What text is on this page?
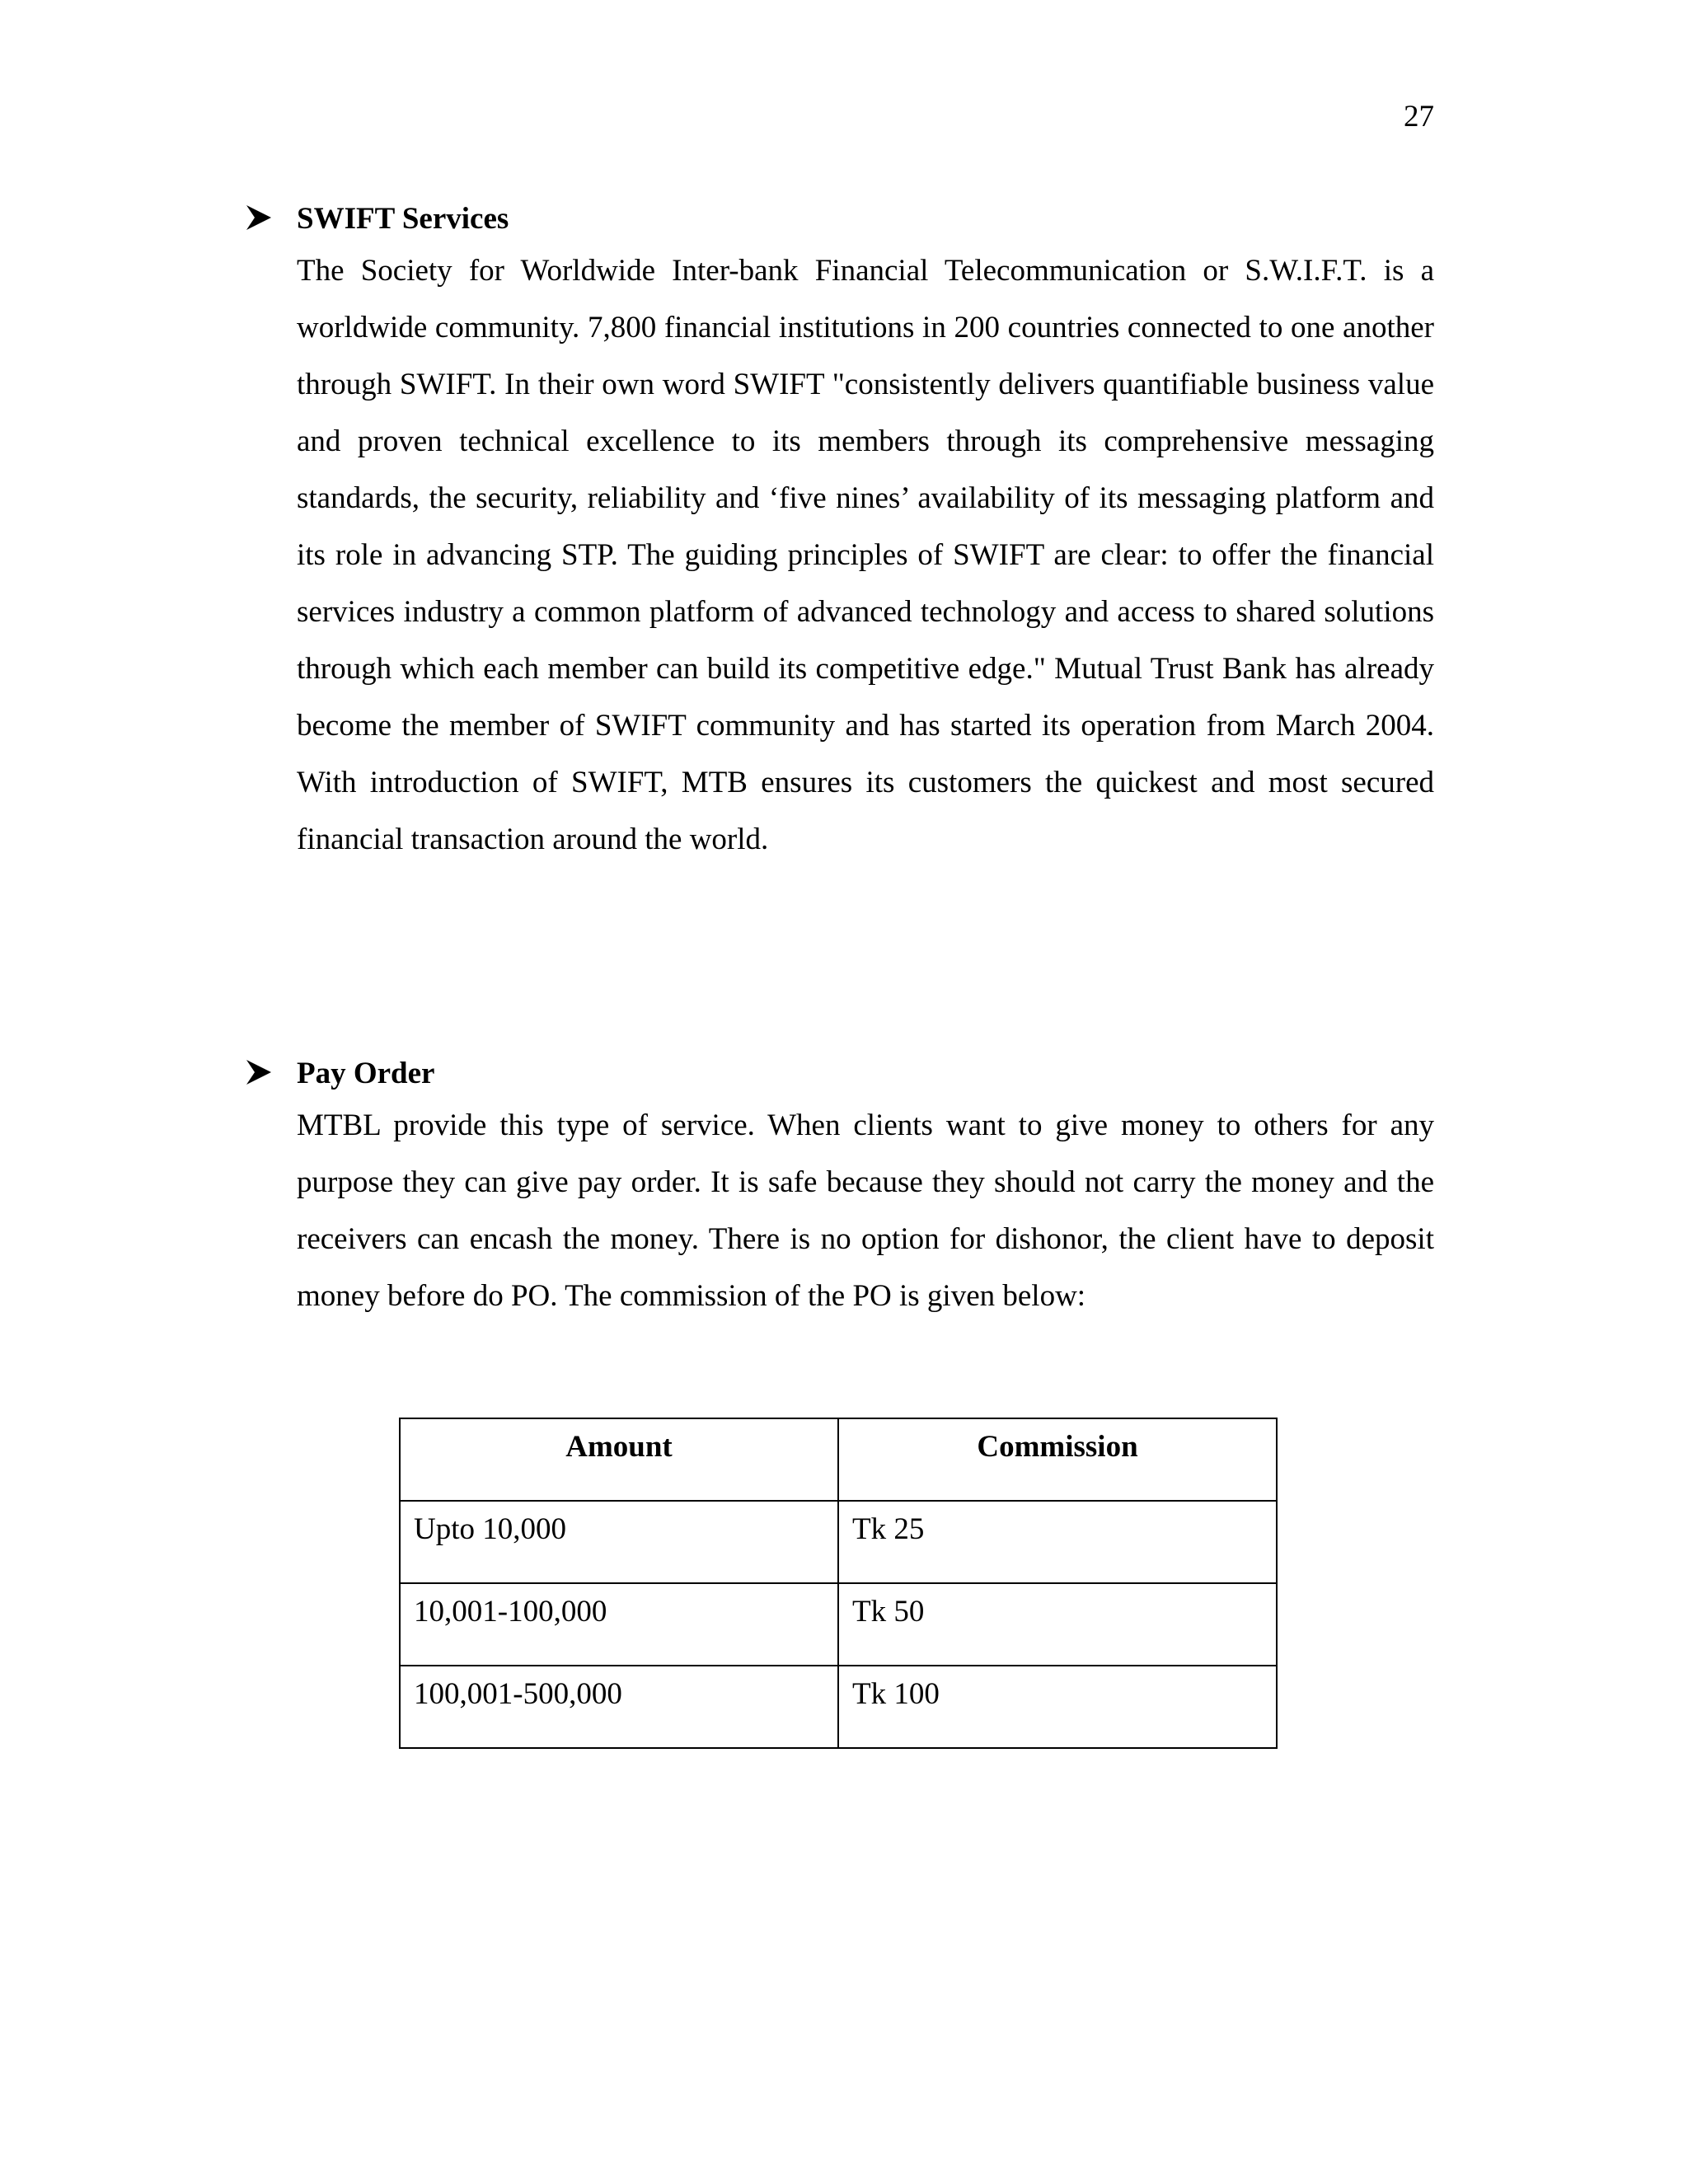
27
SWIFT Services

The Society for Worldwide Inter-bank Financial Telecommunication or S.W.I.F.T. is a worldwide community. 7,800 financial institutions in 200 countries connected to one another through SWIFT. In their own word SWIFT "consistently delivers quantifiable business value and proven technical excellence to its members through its comprehensive messaging standards, the security, reliability and ‘five nines’ availability of its messaging platform and its role in advancing STP. The guiding principles of SWIFT are clear: to offer the financial services industry a common platform of advanced technology and access to shared solutions through which each member can build its competitive edge." Mutual Trust Bank has already become the member of SWIFT community and has started its operation from March 2004. With introduction of SWIFT, MTB ensures its customers the quickest and most secured financial transaction around the world.

Pay Order

MTBL provide this type of service. When clients want to give money to others for any purpose they can give pay order. It is safe because they should not carry the money and the receivers can encash the money. There is no option for dishonor, the client have to deposit money before do PO. The commission of the PO is given below:

Amount	Commission
Upto 10,000	Tk 25
10,001-100,000	Tk 50
100,001-500,000	Tk 100
